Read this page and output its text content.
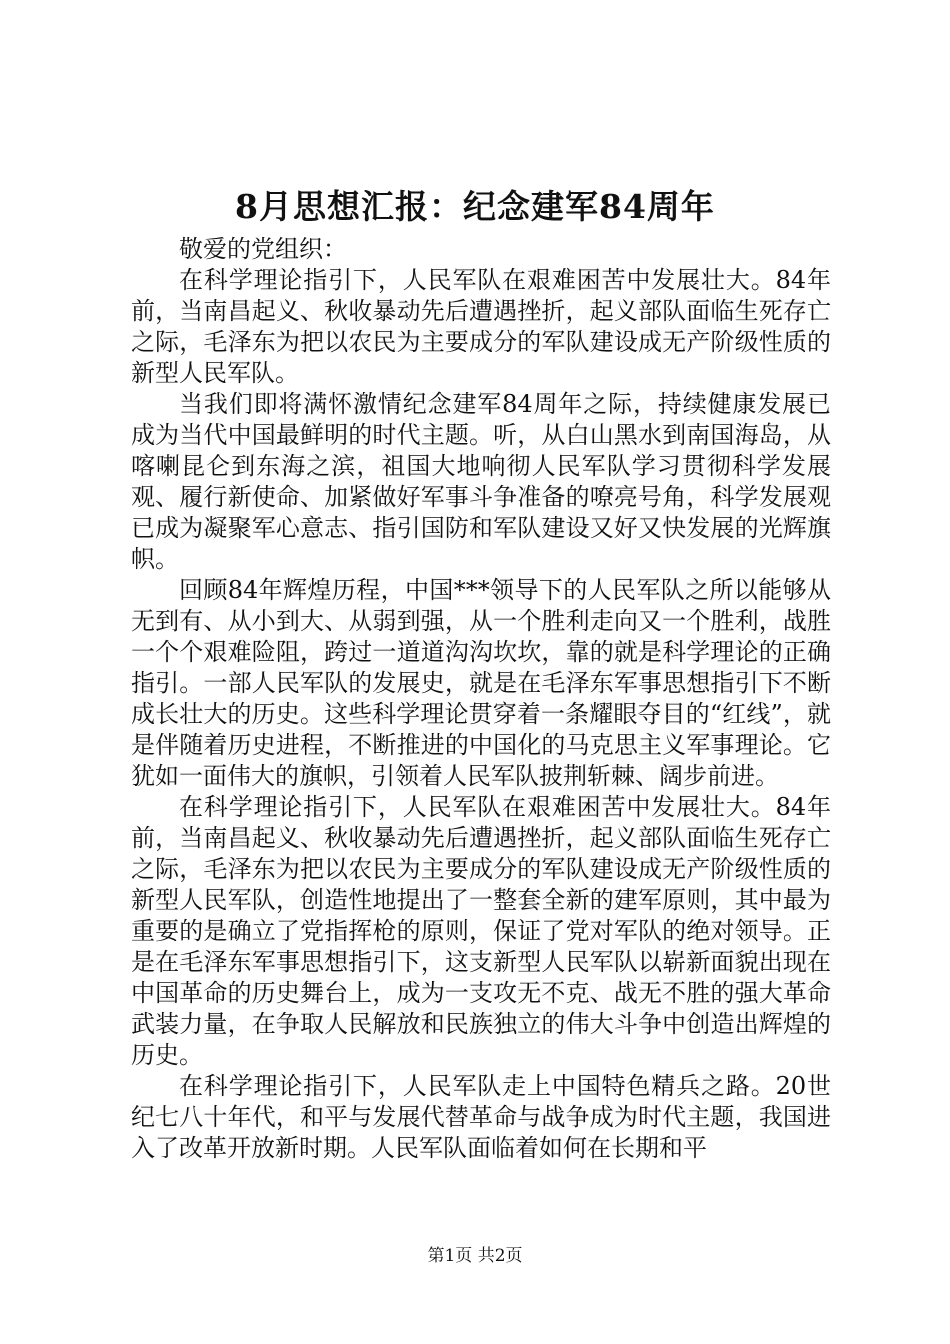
8月思想汇报：纪念建军84周年

敬爱的党组织：

在科学理论指引下，人民军队在艰难困苦中发展壮大。84年前，当南昌起义、秋收暴动先后遭遇挫折，起义部队面临生死存亡之际，毛泽东为把以农民为主要成分的军队建设成无产阶级性质的新型人民军队。

当我们即将满怀激情纪念建军84周年之际，持续健康发展已成为当代中国最鲜明的时代主题。听，从白山黑水到南国海岛，从喀喇昆仑到东海之滨，祖国大地响彻人民军队学习贯彻科学发展观、履行新使命、加紧做好军事斗争准备的嘹亮号角，科学发展观已成为凝聚军心意志、指引国防和军队建设又好又快发展的光辉旗帜。

回顾84年辉煌历程，中国***领导下的人民军队之所以能够从无到有、从小到大、从弱到强，从一个胜利走向又一个胜利，战胜一个个艰难险阻，跨过一道道沟沟坎坎，靠的就是科学理论的正确指引。一部人民军队的发展史，就是在毛泽东军事思想指引下不断成长壮大的历史。这些科学理论贯穿着一条耀眼夺目的“红线”，就是伴随着历史进程，不断推进的中国化的马克思主义军事理论。它犹如一面伟大的旗帜，引领着人民军队披荆斩棘、阔步前进。

在科学理论指引下，人民军队在艰难困苦中发展壮大。84年前，当南昌起义、秋收暴动先后遭遇挫折，起义部队面临生死存亡之际，毛泽东为把以农民为主要成分的军队建设成无产阶级性质的新型人民军队，创造性地提出了一整套全新的建军原则，其中最为重要的是确立了党指挥枪的原则，保证了党对军队的绝对领导。正是在毛泽东军事思想指引下，这支新型人民军队以崭新面貌出现在中国革命的历史舞台上，成为一支攻无不克、战无不胜的强大革命武装力量，在争取人民解放和民族独立的伟大斗争中创造出辉煌的历史。

在科学理论指引下，人民军队走上中国特色精兵之路。20世纪七八十年代，和平与发展代替革命与战争成为时代主题，我国进入了改革开放新时期。人民军队面临着如何在长期和平

第1页 共2页
